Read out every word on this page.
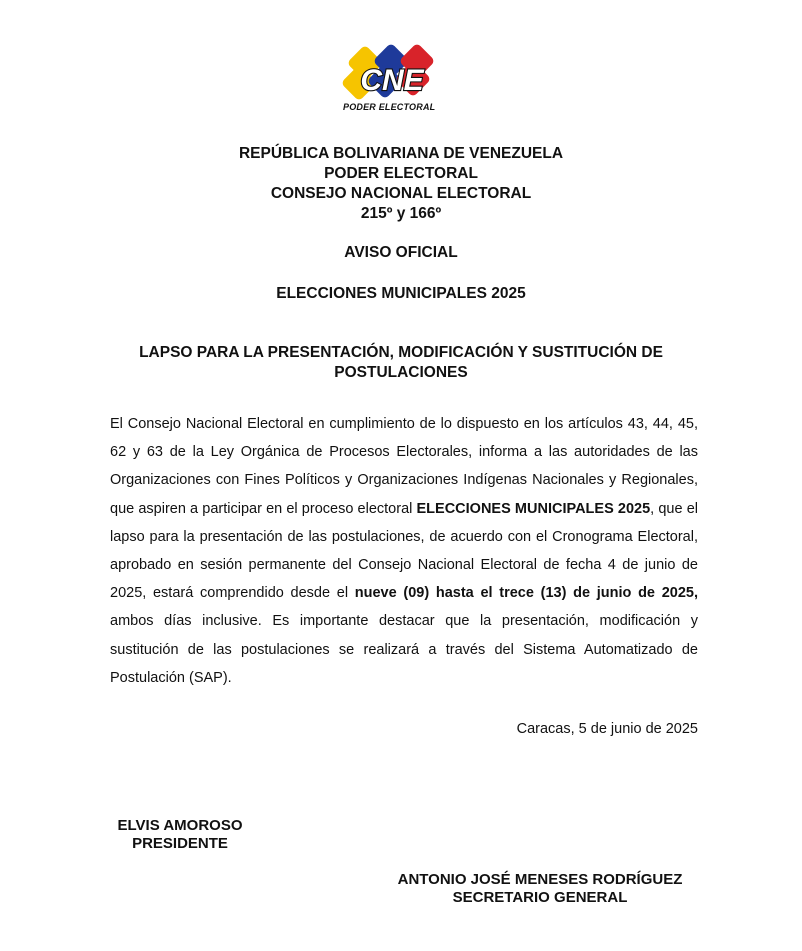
CNE
PODER ELECTORAL
REPÚBLICA BOLIVARIANA DE VENEZUELA
PODER ELECTORAL
CONSEJO NACIONAL ELECTORAL
215º y 166º
AVISO OFICIAL
ELECCIONES MUNICIPALES 2025
LAPSO PARA LA PRESENTACIÓN, MODIFICACIÓN Y SUSTITUCIÓN DE
POSTULACIONES
El Consejo Nacional Electoral en cumplimiento de lo dispuesto en los artículos 43, 44, 45, 62 y 63 de la Ley Orgánica de Procesos Electorales, informa a las autoridades de las Organizaciones con Fines Políticos y Organizaciones Indígenas Nacionales y Regionales, que aspiren a participar en el proceso electoral ELECCIONES MUNICIPALES 2025, que el lapso para la presentación de las postulaciones, de acuerdo con el Cronograma Electoral, aprobado en sesión permanente del Consejo Nacional Electoral de fecha 4 de junio de 2025, estará comprendido desde el nueve (09) hasta el trece (13) de junio de 2025, ambos días inclusive. Es importante destacar que la presentación, modificación y sustitución de las postulaciones se realizará a través del Sistema Automatizado de Postulación (SAP).
Caracas, 5 de junio de 2025
ELVIS AMOROSO
PRESIDENTE
ANTONIO JOSÉ MENESES RODRÍGUEZ
SECRETARIO GENERAL
